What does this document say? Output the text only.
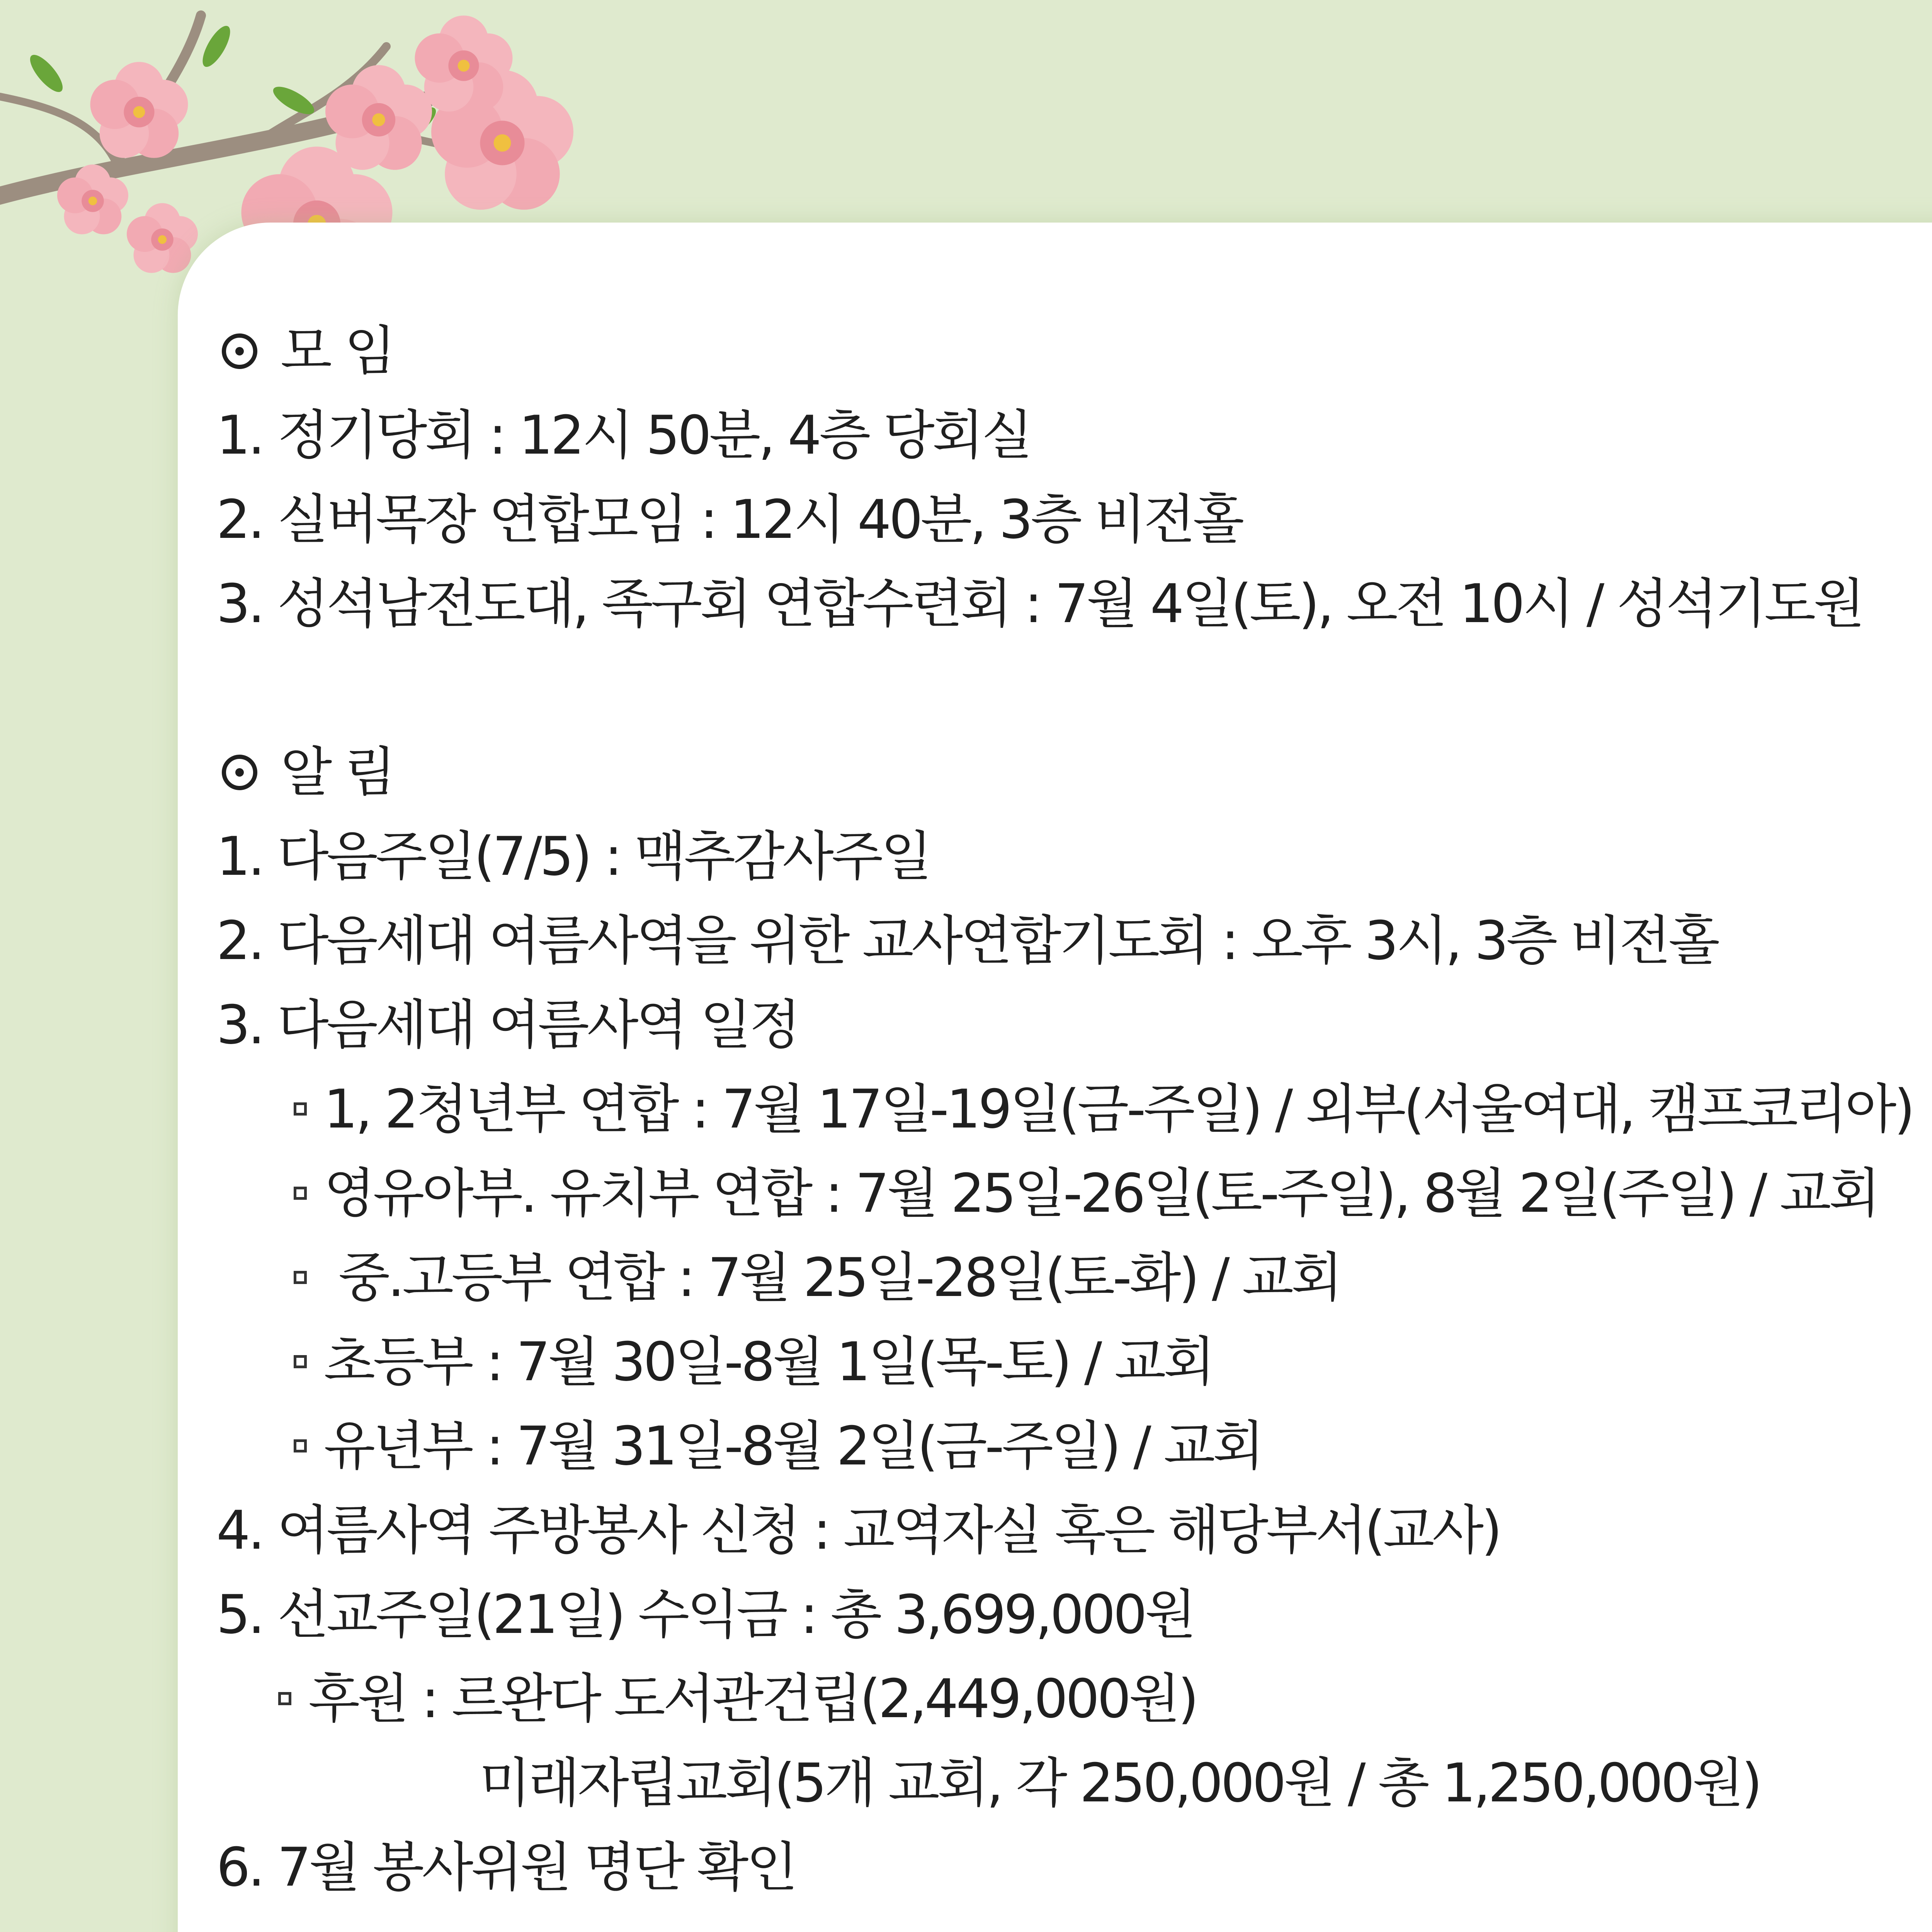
모 임
1. 정기당회 : 12시 50분, 4층 당회실
2. 실버목장 연합모임 : 12시 40분, 3층 비전홀
3. 성석남전도대, 족구회 연합수련회 : 7월 4일(토), 오전 10시 / 성석기도원
알 림
1. 다음주일(7/5) : 맥추감사주일
2. 다음세대 여름사역을 위한 교사연합기도회 : 오후 3시, 3층 비전홀
3. 다음세대 여름사역 일정
1, 2청년부 연합 : 7월 17일-19일(금-주일) / 외부(서울여대, 캠프코리아)
영유아부. 유치부 연합 : 7월 25일-26일(토-주일), 8월 2일(주일) / 교회
중.고등부 연합 : 7월 25일-28일(토-화) / 교회
초등부 : 7월 30일-8월 1일(목-토) / 교회
유년부 : 7월 31일-8월 2일(금-주일) / 교회
4. 여름사역 주방봉사 신청 : 교역자실 혹은 해당부서(교사)
5. 선교주일(21일) 수익금 : 총 3,699,000원
후원 : 르완다 도서관건립(2,449,000원)
미래자립교회(5개 교회, 각 250,000원 / 총 1,250,000원)
6. 7월 봉사위원 명단 확인
